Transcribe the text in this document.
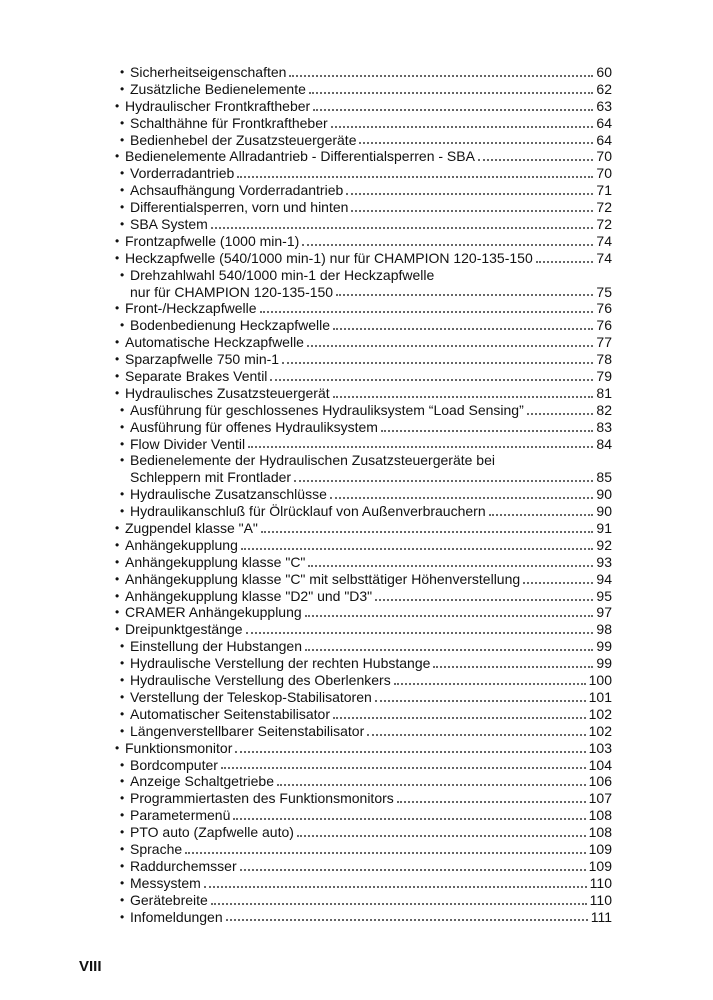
• Sicherheitseigenschaften	60
• Zusätzliche Bedienelemente	62
• Hydraulischer Frontkraftheber	63
• Schalthähne für Frontkraftheber	64
• Bedienhebel der Zusatzsteuergeräte	64
• Bedienelemente Allradantrieb - Differentialsperren - SBA	70
• Vorderradantrieb	70
• Achsaufhängung Vorderradantrieb	71
• Differentialsperren, vorn und hinten	72
• SBA System	72
• Frontzapfwelle (1000 min-1)	74
• Heckzapfwelle (540/1000 min-1) nur für CHAMPION 120-135-150	74
• Drehzahlwahl 540/1000 min-1 der Heckzapfwelle
nur für CHAMPION 120-135-150	75
• Front-/Heckzapfwelle	76
• Bodenbedienung Heckzapfwelle	76
• Automatische Heckzapfwelle	77
• Sparzapfwelle 750 min-1	78
• Separate Brakes Ventil	79
• Hydraulisches Zusatzsteuergerät	81
• Ausführung für geschlossenes Hydrauliksystem “Load Sensing”	82
• Ausführung für offenes Hydrauliksystem	83
• Flow Divider Ventil	84
• Bedienelemente der Hydraulischen Zusatzsteuergeräte bei
Schleppern mit Frontlader	85
• Hydraulische Zusatzanschlüsse	90
• Hydraulikanschluß für Ölrücklauf von Außenverbrauchern	90
• Zugpendel klasse "A"	91
• Anhängekupplung	92
• Anhängekupplung klasse "C"	93
• Anhängekupplung klasse "C" mit selbsttätiger Höhenverstellung	94
• Anhängekupplung klasse "D2" und "D3"	95
• CRAMER Anhängekupplung	97
• Dreipunktgestänge	98
• Einstellung der Hubstangen	99
• Hydraulische Verstellung der rechten Hubstange	99
• Hydraulische Verstellung des Oberlenkers	100
• Verstellung der Teleskop-Stabilisatoren	101
• Automatischer Seitenstabilisator	102
• Längenverstellbarer Seitenstabilisator	102
• Funktionsmonitor	103
• Bordcomputer	104
• Anzeige Schaltgetriebe	106
• Programmiertasten des Funktionsmonitors	107
• Parametermenü	108
• PTO auto (Zapfwelle auto)	108
• Sprache	109
• Raddurchemsser	109
• Messystem	110
• Gerätebreite	110
• Infomeldungen	111
VIII
